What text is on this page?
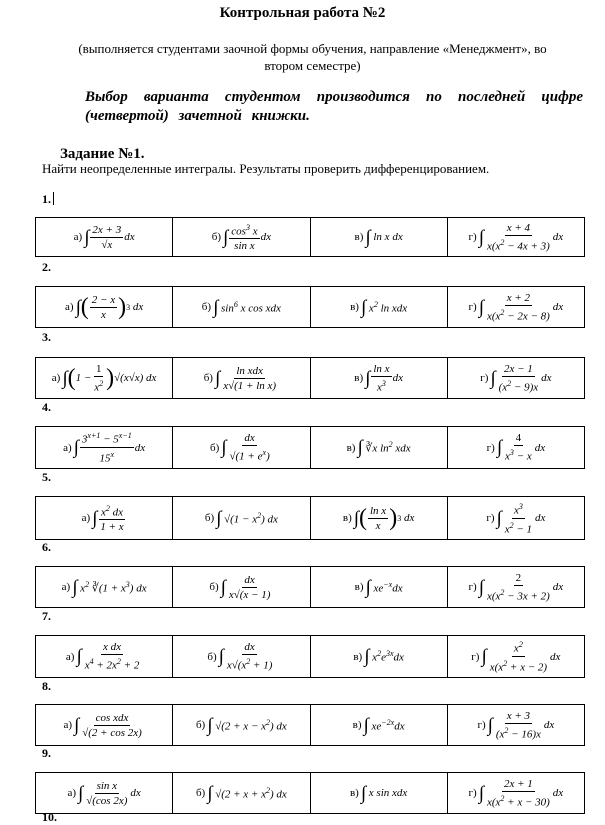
Контрольная работа №2
(выполняется студентами заочной формы обучения, направление «Менеджмент», во
втором семестре)
Выбор варианта студентом производится по последней цифре (четвертой) зачетной книжки.
Задание №1.
Найти неопределенные интегралы. Результаты проверить дифференцированием.
1.
а) ∫ $\frac{2x + 3}{√x}$ dx	б) ∫ $\frac{\cos^3 x}{\text{sin x}}$ dx	в) ∫ ln x dx	г) ∫ $\frac{x + 4}{x(x^2 - 4x + 3)}$ dx
2.
а) ∫ ( $\frac{2 - x}{x}$ ) 3 dx	б) ∫ $\sin^6 x$ cos xdx	в) ∫ $x^2$ ln xdx	г) ∫ $\frac{x + 2}{x(x^2 - 2x - 8)}$ dx
3.
а) ∫ ( $1 - \frac{1}{x^2}$ ) √(x√x) dx	б) ∫ $\frac{\text{ln xdx}}{\text{x√(1 + ln x)}}$	в) ∫ $\frac{\text{ln x}}{x^3}$ dx	г) ∫ $\frac{2x - 1}{(x^2 - 9)x}$ dx
4.
а) ∫ $\frac{3^{x+1} - 5^{x-1}}{15^x}$ dx	б) ∫ $\frac{dx}{√(1 + e^x)}$	в) ∫ ∛x $\ln^2$ xdx	г) ∫ $\frac{4}{x^3 - x}$ dx
5.
а) ∫ $\frac{x^2 dx}{1 + x}$	б) ∫ $√(1 - x^2)$ dx	в) ∫ ( $\frac{\text{ln x}}{x}$ ) 3 dx	г) ∫ $\frac{x^3}{x^2 - 1}$ dx
6.
а) ∫ $x^2$ ∛(1 + $x^3$) dx	б) ∫ $\frac{dx}{x√(x - 1)}$	в) ∫ $xe^{-x}dx$	г) ∫ $\frac{2}{x(x^2 - 3x + 2)}$ dx
7.
а) ∫ $\frac{\text{x dx}}{x^4 + 2x^2 + 2}$	б) ∫ $\frac{dx}{x√(x^2 + 1)}$	в) ∫ $x^2e^{3x}dx$	г) ∫ $\frac{x^2}{x(x^2 + x - 2)}$ dx
8.
а) ∫ $\frac{\text{cos xdx}}{√(2 + \cos 2x)}$	б) ∫ $√(2 + x - x^2)$ dx	в) ∫ $xe^{-2x}dx$	г) ∫ $\frac{x + 3}{(x^2 - 16)x}$ dx
9.
а) ∫ $\frac{\text{sin x}}{√(\cos 2x)}$ dx	б) ∫ $√(2 + x + x^2)$ dx	в) ∫ x sin xdx	г) ∫ $\frac{2x + 1}{x(x^2 + x - 30)}$ dx
10.
